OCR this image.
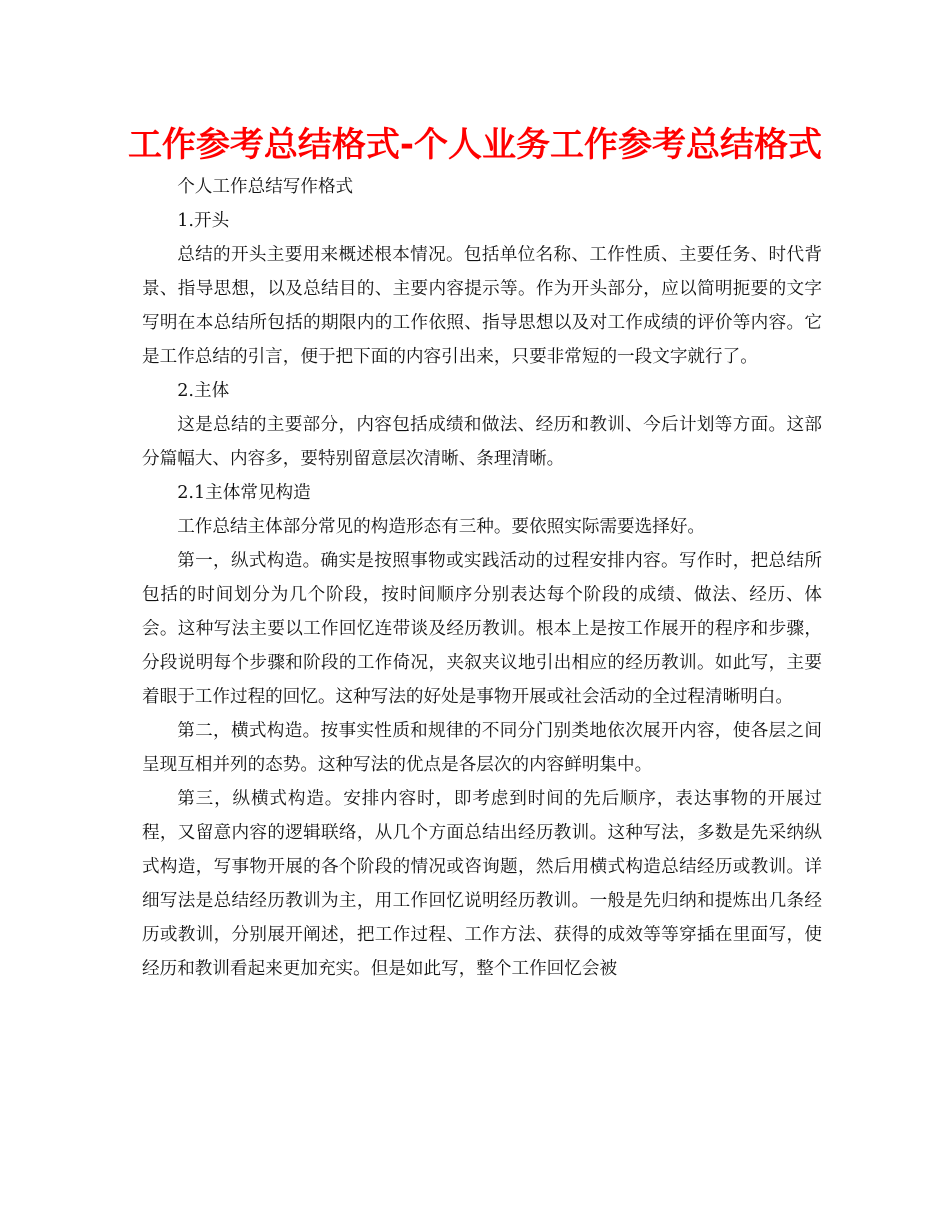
工作参考总结格式-个人业务工作参考总结格式

个人工作总结写作格式

1.开头

总结的开头主要用来概述根本情况。包括单位名称、工作性质、主要任务、时代背景、指导思想，以及总结目的、主要内容提示等。作为开头部分，应以简明扼要的文字写明在本总结所包括的期限内的工作依照、指导思想以及对工作成绩的评价等内容。它是工作总结的引言，便于把下面的内容引出来，只要非常短的一段文字就行了。

2.主体

这是总结的主要部分，内容包括成绩和做法、经历和教训、今后计划等方面。这部分篇幅大、内容多，要特别留意层次清晰、条理清晰。

2.1主体常见构造

工作总结主体部分常见的构造形态有三种。要依照实际需要选择好。

第一，纵式构造。确实是按照事物或实践活动的过程安排内容。写作时，把总结所包括的时间划分为几个阶段，按时间顺序分别表达每个阶段的成绩、做法、经历、体会。这种写法主要以工作回忆连带谈及经历教训。根本上是按工作展开的程序和步骤，分段说明每个步骤和阶段的工作倚况，夹叙夹议地引出相应的经历教训。如此写，主要着眼于工作过程的回忆。这种写法的好处是事物开展或社会活动的全过程清晰明白。

第二，横式构造。按事实性质和规律的不同分门别类地依次展开内容，使各层之间呈现互相并列的态势。这种写法的优点是各层次的内容鲜明集中。

第三，纵横式构造。安排内容时，即考虑到时间的先后顺序，表达事物的开展过程，又留意内容的逻辑联络，从几个方面总结出经历教训。这种写法，多数是先采纳纵式构造，写事物开展的各个阶段的情况或咨询题，然后用横式构造总结经历或教训。详细写法是总结经历教训为主，用工作回忆说明经历教训。一般是先归纳和提炼出几条经历或教训，分别展开阐述，把工作过程、工作方法、获得的成效等等穿插在里面写，使经历和教训看起来更加充实。但是如此写，整个工作回忆会被
